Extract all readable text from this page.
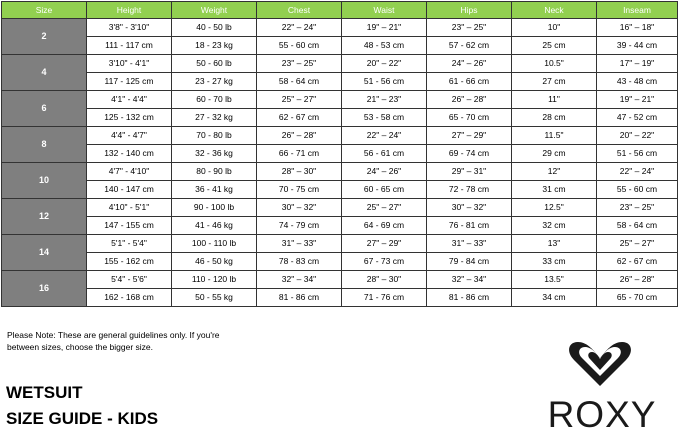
Size	Height	Weight	Chest	Waist	Hips	Neck	Inseam
2	3'8" - 3'10"	40 - 50 lb	22" – 24"	19" – 21"	23" – 25"	10"	16" – 18"
	111 - 117 cm	18 - 23 kg	55 - 60 cm	48 - 53 cm	57 - 62 cm	25 cm	39 - 44 cm
4	3'10" - 4'1"	50 - 60 lb	23" – 25"	20" – 22"	24" – 26"	10.5"	17" – 19"
	117 - 125 cm	23 - 27 kg	58 - 64 cm	51 - 56 cm	61 - 66 cm	27 cm	43 - 48 cm
6	4'1" - 4'4"	60 - 70 lb	25" – 27"	21" – 23"	26" – 28"	11"	19" – 21"
	125 - 132 cm	27 - 32 kg	62 - 67 cm	53 - 58 cm	65 - 70 cm	28 cm	47 - 52 cm
8	4'4" - 4'7"	70 - 80 lb	26" – 28"	22" – 24"	27" – 29"	11.5"	20" – 22"
	132 - 140 cm	32 - 36 kg	66 - 71 cm	56 - 61 cm	69 - 74 cm	29 cm	51 - 56 cm
10	4'7" - 4'10"	80 - 90 lb	28" – 30"	24" – 26"	29" – 31"	12"	22" – 24"
	140 - 147 cm	36 - 41 kg	70 - 75 cm	60 - 65 cm	72 - 78 cm	31 cm	55 - 60 cm
12	4'10" - 5'1"	90 - 100 lb	30" – 32"	25" – 27"	30" – 32"	12.5"	23" – 25"
	147 - 155 cm	41 - 46 kg	74 - 79 cm	64 - 69 cm	76 - 81 cm	32 cm	58 - 64 cm
14	5'1" - 5'4"	100 - 110 lb	31" – 33"	27" – 29"	31" – 33"	13"	25" – 27"
	155 - 162 cm	46 - 50 kg	78 - 83 cm	67 - 73 cm	79 - 84 cm	33 cm	62 - 67 cm
16	5'4" - 5'6"	110 - 120 lb	32" – 34"	28" – 30"	32" – 34"	13.5"	26" – 28"
	162 - 168 cm	50 - 55 kg	81 - 86 cm	71 - 76 cm	81 - 86 cm	34 cm	65 - 70 cm
Please Note: These are general guidelines only. If you're
between sizes, choose the bigger size.
WETSUIT
SIZE GUIDE - KIDS	ROXY
